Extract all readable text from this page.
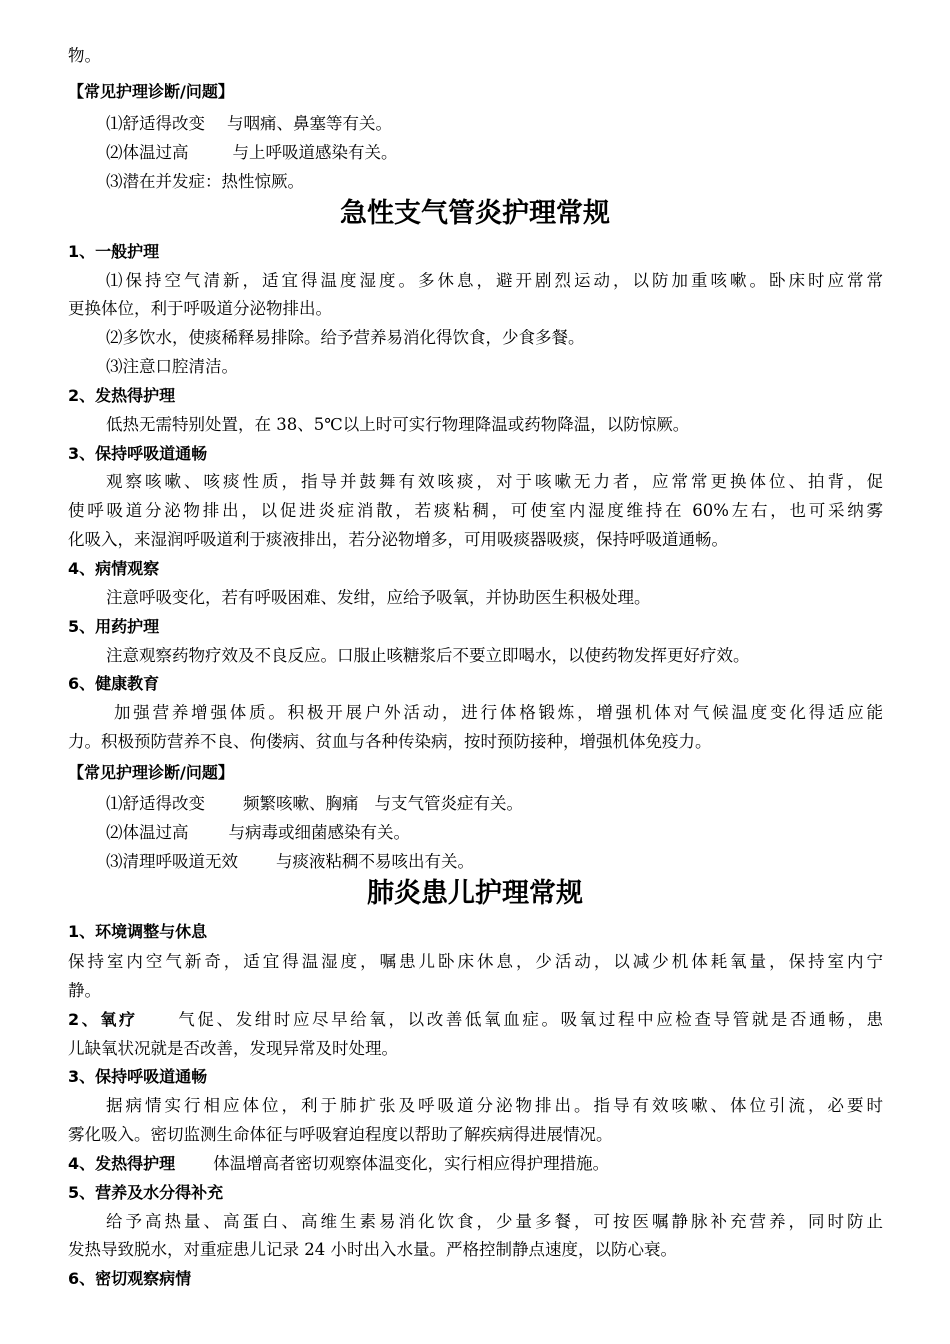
物。
【常见护理诊断/问题】
⑴舒适得改变 与咽痛、鼻塞等有关。
⑵体温过高	与上呼吸道感染有关。
⑶潜在并发症：热性惊厥。
急性支气管炎护理常规
1、一般护理
⑴保持空气清新，适宜得温度湿度。多休息，避开剧烈运动，以防加重咳嗽。卧床时应常常
更换体位，利于呼吸道分泌物排出。
⑵多饮水，使痰稀释易排除。给予营养易消化得饮食，少食多餐。
⑶注意口腔清洁。
2、发热得护理
低热无需特别处置，在 38、5℃以上时可实行物理降温或药物降温，以防惊厥。
3、保持呼吸道通畅
观察咳嗽、咳痰性质，指导并鼓舞有效咳痰，对于咳嗽无力者，应常常更换体位、拍背，促
使呼吸道分泌物排出，以促进炎症消散，若痰粘稠，可使室内湿度维持在 60%左右，也可采纳雾
化吸入，来湿润呼吸道利于痰液排出，若分泌物增多，可用吸痰器吸痰，保持呼吸道通畅。
4、病情观察
注意呼吸变化，若有呼吸困难、发绀，应给予吸氧，并协助医生积极处理。
5、用药护理
注意观察药物疗效及不良反应。口服止咳糖浆后不要立即喝水，以使药物发挥更好疗效。
6、健康教育
加强营养增强体质。积极开展户外活动，进行体格锻炼，增强机体对气候温度变化得适应能
力。积极预防营养不良、佝偻病、贫血与各种传染病，按时预防接种，增强机体免疫力。
【常见护理诊断/问题】
⑴舒适得改变 频繁咳嗽、胸痛 与支气管炎症有关。
⑵体温过高 与病毒或细菌感染有关。
⑶清理呼吸道无效 与痰液粘稠不易咳出有关。
肺炎患儿护理常规
1、环境调整与休息
保持室内空气新奇，适宜得温湿度，嘱患儿卧床休息，少活动，以减少机体耗氧量，保持室内宁
静。
2、氧疗 气促、发绀时应尽早给氧，以改善低氧血症。吸氧过程中应检查导管就是否通畅，患
儿缺氧状况就是否改善，发现异常及时处理。
3、保持呼吸道通畅
据病情实行相应体位，利于肺扩张及呼吸道分泌物排出。指导有效咳嗽、体位引流，必要时
雾化吸入。密切监测生命体征与呼吸窘迫程度以帮助了解疾病得进展情况。
4、发热得护理 体温增高者密切观察体温变化，实行相应得护理措施。
5、营养及水分得补充
给予高热量、高蛋白、高维生素易消化饮食，少量多餐，可按医嘱静脉补充营养，同时防止
发热导致脱水，对重症患儿记录 24 小时出入水量。严格控制静点速度，以防心衰。
6、密切观察病情
